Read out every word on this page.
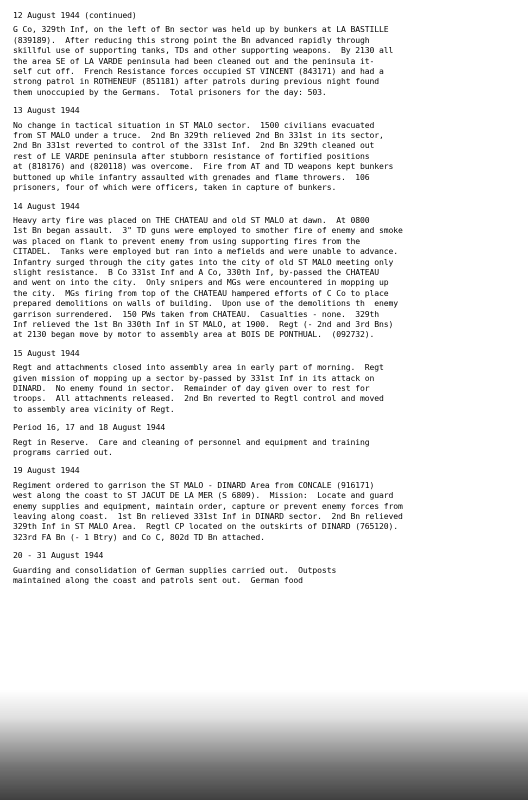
12 August 1944 (continued)
G Co, 329th Inf, on the left of Bn sector was held up by bunkers at LA BASTILLE
(839189).  After reducing this strong point the Bn advanced rapidly through
skillful use of supporting tanks, TDs and other supporting weapons.  By 2130 all
the area SE of LA VARDE peninsula had been cleaned out and the peninsula it-
self cut off.  French Resistance forces occupied ST VINCENT (843171) and had a
strong patrol in ROTHENEUF (851181) after patrols during previous night found
them unoccupied by the Germans.  Total prisoners for the day: 503.
13 August 1944
No change in tactical situation in ST MALO sector.  1500 civilians evacuated
from ST MALO under a truce.  2nd Bn 329th relieved 2nd Bn 331st in its sector,
2nd Bn 331st reverted to control of the 331st Inf.  2nd Bn 329th cleaned out
rest of LE VARDE peninsula after stubborn resistance of fortified positions
at (818176) and (820118) was overcome.  Fire from AT and TD weapons kept bunkers
buttoned up while infantry assaulted with grenades and flame throwers.  106
prisoners, four of which were officers, taken in capture of bunkers.
14 August 1944
Heavy arty fire was placed on THE CHATEAU and old ST MALO at dawn.  At 0800
1st Bn began assault.  3" TD guns were employed to smother fire of enemy and smoke
was placed on flank to prevent enemy from using supporting fires from the
CITADEL.  Tanks were employed but ran into a mefields and were unable to advance.
Infantry surged through the city gates into the city of old ST MALO meeting only
slight resistance.  B Co 331st Inf and A Co, 330th Inf, by-passed the CHATEAU
and went on into the city.  Only snipers and MGs were encountered in mopping up
the city.  MGs firing from top of the CHATEAU hampered efforts of C Co to place
prepared demolitions on walls of building.  Upon use of the demolitions th  enemy
garrison surrendered.  150 PWs taken from CHATEAU.  Casualties - none.  329th
Inf relieved the 1st Bn 330th Inf in ST MALO, at 1900.  Regt (- 2nd and 3rd Bns)
at 2130 began move by motor to assembly area at BOIS DE PONTHUAL.  (092732).
15 August 1944
Regt and attachments closed into assembly area in early part of morning.  Regt
given mission of mopping up a sector by-passed by 331st Inf in its attack on
DINARD.  No enemy found in sector.  Remainder of day given over to rest for
troops.  All attachments released.  2nd Bn reverted to Regtl control and moved
to assembly area vicinity of Regt.
Period 16, 17 and 18 August 1944
Regt in Reserve.  Care and cleaning of personnel and equipment and training
programs carried out.
19 August 1944
Regiment ordered to garrison the ST MALO - DINARD Area from CONCALE (916171)
west along the coast to ST JACUT DE LA MER (S 6809).  Mission:  Locate and guard
enemy supplies and equipment, maintain order, capture or prevent enemy forces from
leaving along coast.  1st Bn relieved 331st Inf in DINARD sector.  2nd Bn relieved
329th Inf in ST MALO Area.  Regtl CP located on the outskirts of DINARD (765120).
323rd FA Bn (- 1 Btry) and Co C, 802d TD Bn attached.
20 - 31 August 1944
Guarding and consolidation of German supplies carried out.  Outposts
maintained along the coast and patrols sent out.  German food
